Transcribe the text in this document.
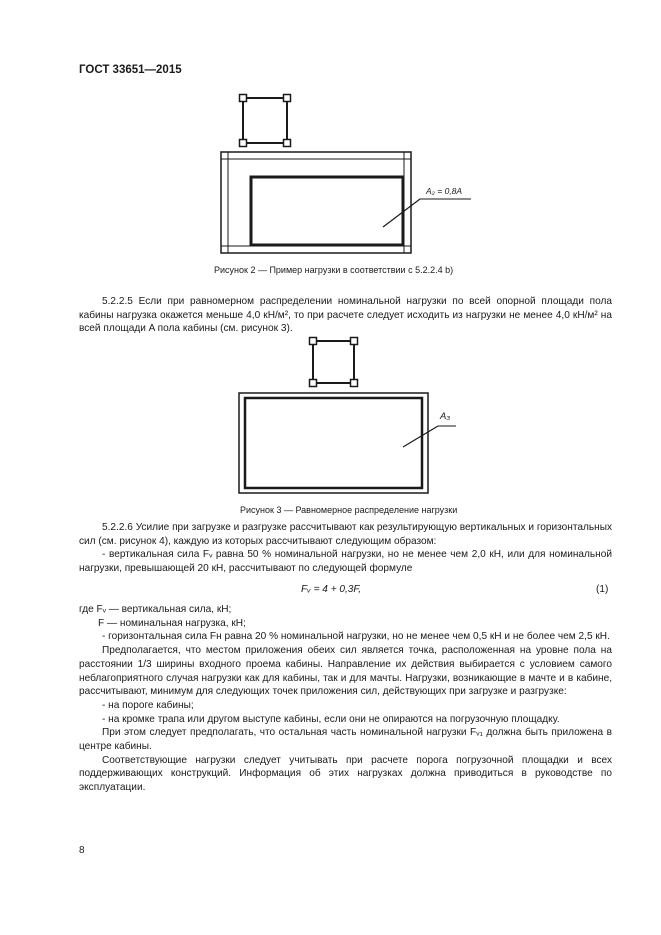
ГОСТ 33651—2015
A₂ = 0,8A
Рисунок 2 — Пример нагрузки в соответствии с 5.2.2.4 b)
5.2.2.5 Если при равномерном распределении номинальной нагрузки по всей опорной площади пола кабины нагрузка окажется меньше 4,0 кН/м², то при расчете следует исходить из нагрузки не менее 4,0 кН/м² на всей площади A пола кабины (см. рисунок 3).
A₃
Рисунок 3 — Равномерное распределение нагрузки

5.2.2.6 Усилие при загрузке и разгрузке рассчитывают как результирующую вертикальных и горизонтальных сил (см. рисунок 4), каждую из которых рассчитывают следующим образом:

- вертикальная сила Fᵥ равна 50 % номинальной нагрузки, но не менее чем 2,0 кН, или для номинальной нагрузки, превышающей 20 кН, рассчитывают по следующей формуле

Fᵥ = 4 + 0,3F,	(1)

где Fᵥ — вертикальная сила, кН;

F — номинальная нагрузка, кН;

- горизонтальная сила Fн равна 20 % номинальной нагрузки, но не менее чем 0,5 кН и не более чем 2,5 кН.

Предполагается, что местом приложения обеих сил является точка, расположенная на уровне пола на расстоянии 1/3 ширины входного проема кабины. Направление их действия выбирается с условием самого неблагоприятного случая нагрузки как для кабины, так и для мачты. Нагрузки, возникающие в мачте и в кабине, рассчитывают, минимум для следующих точек приложения сил, действующих при загрузке и разгрузке:

- на пороге кабины;

- на кромке трапа или другом выступе кабины, если они не опираются на погрузочную площадку.

При этом следует предполагать, что остальная часть номинальной нагрузки Fᵥ₁ должна быть приложена в центре кабины.

Соответствующие нагрузки следует учитывать при расчете порога погрузочной площадки и всех поддерживающих конструкций. Информация об этих нагрузках должна приводиться в руководстве по эксплуатации.

8
